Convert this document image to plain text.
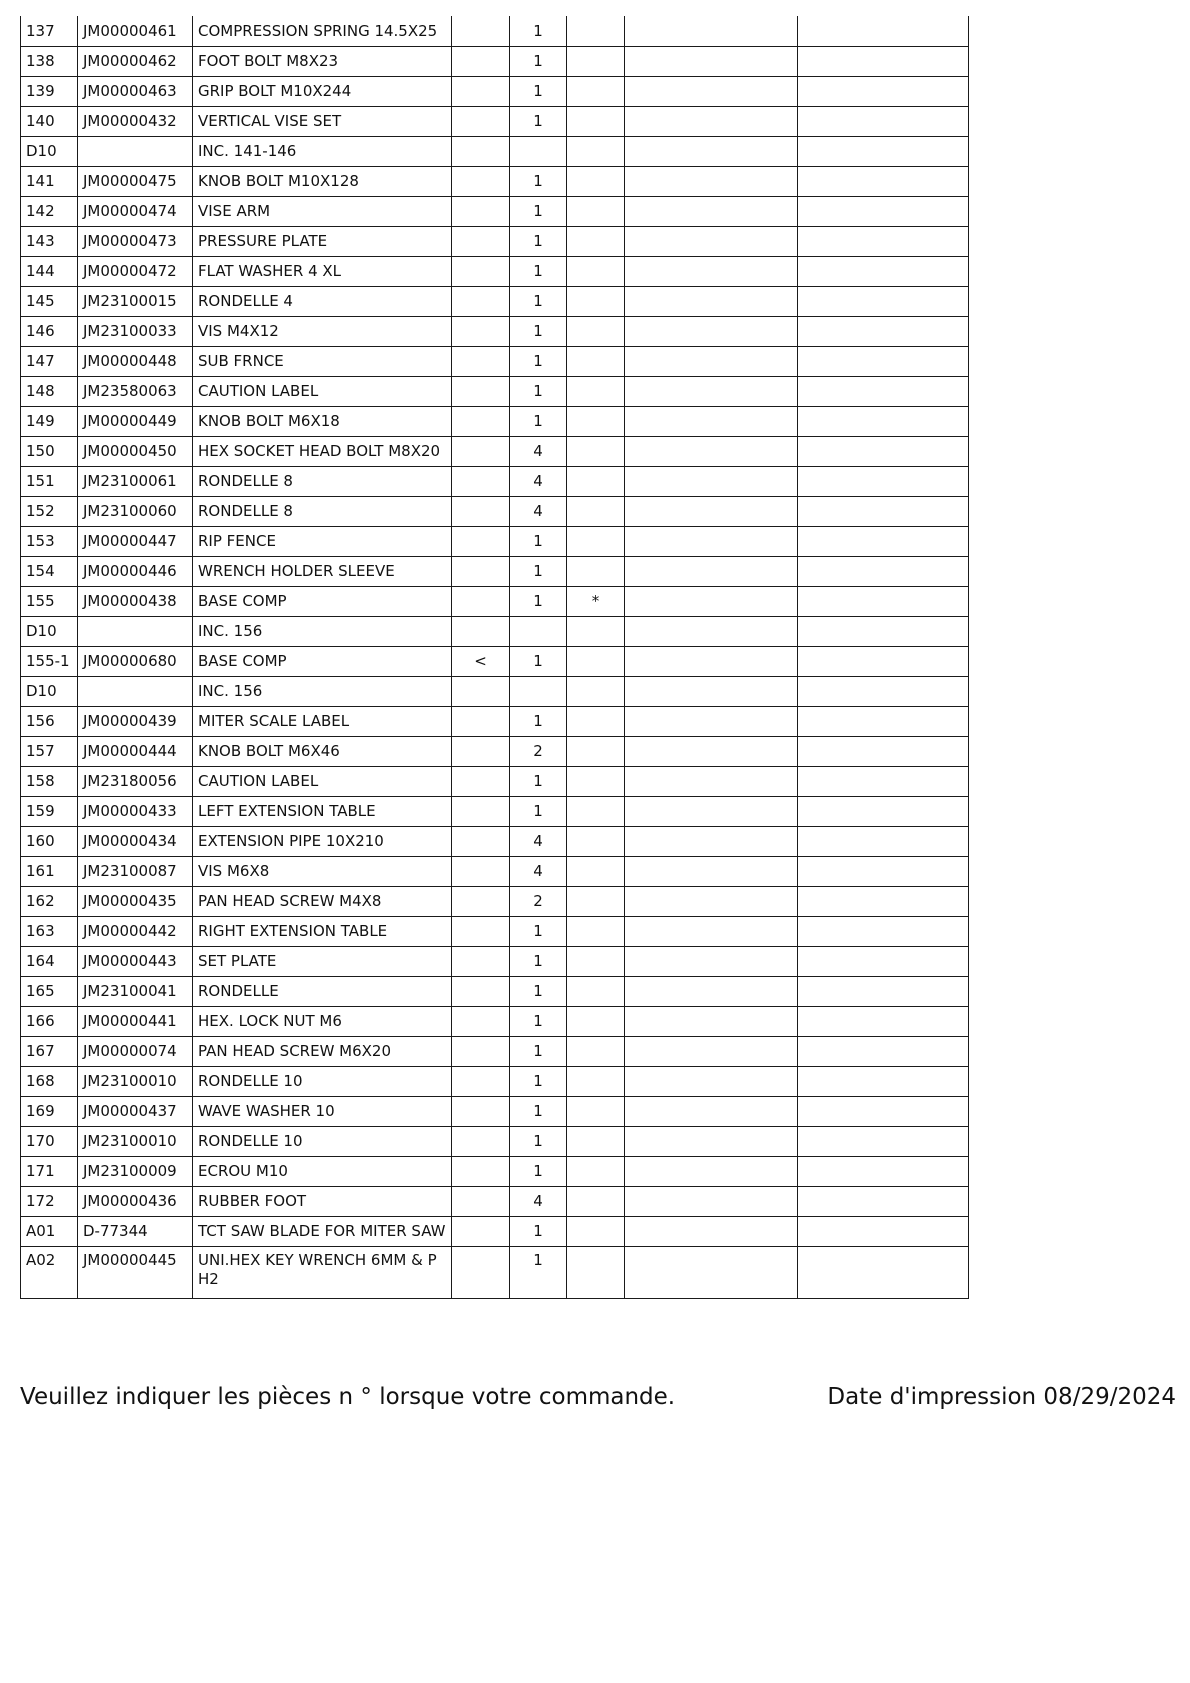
137	JM00000461	COMPRESSION SPRING 14.5X25		1			
138	JM00000462	FOOT BOLT M8X23		1			
139	JM00000463	GRIP BOLT M10X244		1			
140	JM00000432	VERTICAL VISE SET		1			
D10		INC. 141-146					
141	JM00000475	KNOB BOLT M10X128		1			
142	JM00000474	VISE ARM		1			
143	JM00000473	PRESSURE PLATE		1			
144	JM00000472	FLAT WASHER 4 XL		1			
145	JM23100015	RONDELLE 4		1			
146	JM23100033	VIS M4X12		1			
147	JM00000448	SUB FRNCE		1			
148	JM23580063	CAUTION LABEL		1			
149	JM00000449	KNOB BOLT M6X18		1			
150	JM00000450	HEX SOCKET HEAD BOLT M8X20		4			
151	JM23100061	RONDELLE 8		4			
152	JM23100060	RONDELLE 8		4			
153	JM00000447	RIP FENCE		1			
154	JM00000446	WRENCH HOLDER SLEEVE		1			
155	JM00000438	BASE COMP		1	*		
D10		INC. 156					
155-1	JM00000680	BASE COMP	<	1			
D10		INC. 156					
156	JM00000439	MITER SCALE LABEL		1			
157	JM00000444	KNOB BOLT M6X46		2			
158	JM23180056	CAUTION LABEL		1			
159	JM00000433	LEFT EXTENSION TABLE		1			
160	JM00000434	EXTENSION PIPE 10X210		4			
161	JM23100087	VIS M6X8		4			
162	JM00000435	PAN HEAD SCREW M4X8		2			
163	JM00000442	RIGHT EXTENSION TABLE		1			
164	JM00000443	SET PLATE		1			
165	JM23100041	RONDELLE		1			
166	JM00000441	HEX. LOCK NUT M6		1			
167	JM00000074	PAN HEAD SCREW M6X20		1			
168	JM23100010	RONDELLE 10		1			
169	JM00000437	WAVE WASHER 10		1			
170	JM23100010	RONDELLE 10		1			
171	JM23100009	ECROU M10		1			
172	JM00000436	RUBBER FOOT		4			
A01	D-77344	TCT SAW BLADE FOR MITER SAW		1			
A02	JM00000445	UNI.HEX KEY WRENCH 6MM & P H2		1			
Veuillez indiquer les pièces n ° lorsque votre commande.	Date d'impression 08/29/2024
